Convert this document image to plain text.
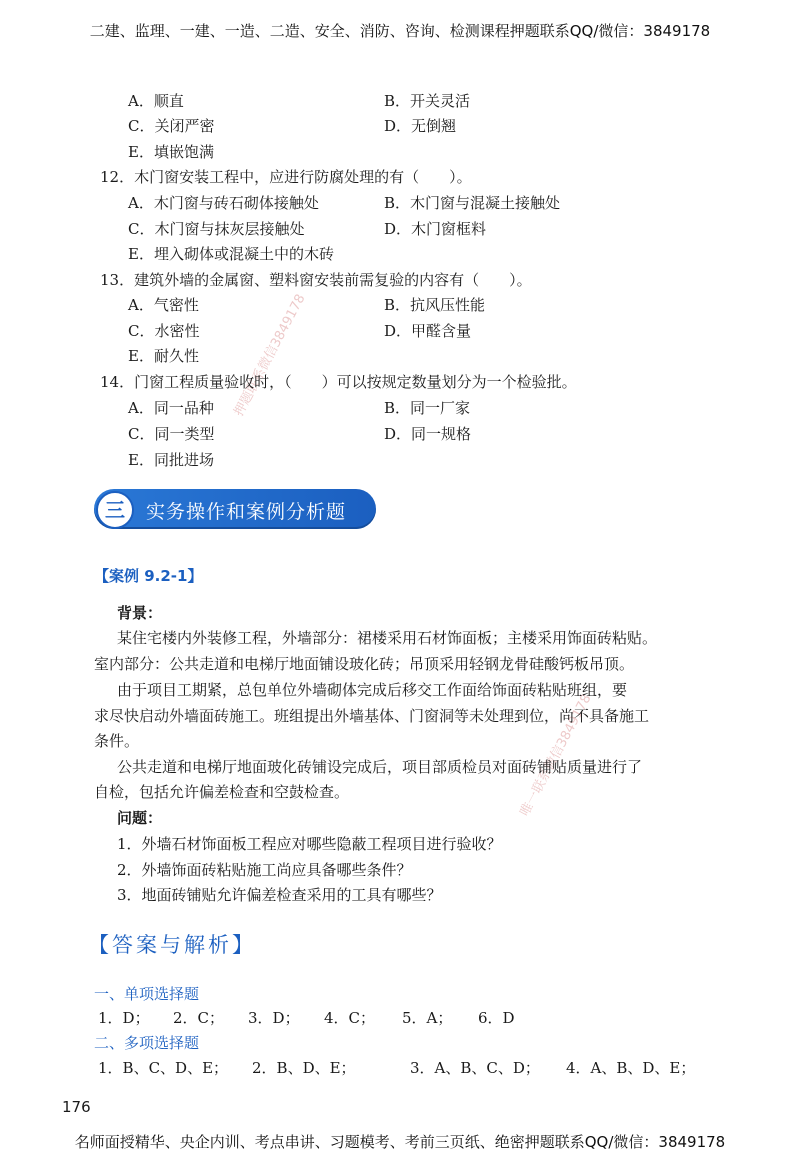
二建、监理、一建、一造、二造、安全、消防、咨询、检测课程押题联系QQ/微信：3849178
名师面授精华、央企内训、考点串讲、习题模考、考前三页纸、绝密押题联系QQ/微信：3849178
押题联系微信3849178
唯一联系微信3849178
A．顺直	B．开关灵活
C．关闭严密	D．无倒翘
E．填嵌饱满
12．木门窗安装工程中，应进行防腐处理的有（　　）。
A．木门窗与砖石砌体接触处	B．木门窗与混凝土接触处
C．木门窗与抹灰层接触处	D．木门窗框料
E．埋入砌体或混凝土中的木砖
13．建筑外墙的金属窗、塑料窗安装前需复验的内容有（　　）。
A．气密性	B．抗风压性能
C．水密性	D．甲醛含量
E．耐久性
14．门窗工程质量验收时，（　　）可以按规定数量划分为一个检验批。
A．同一品种	B．同一厂家
C．同一类型	D．同一规格
E．同批进场
三	实务操作和案例分析题
【案例 9.2-1】
背景：
某住宅楼内外装修工程，外墙部分：裙楼采用石材饰面板；主楼采用饰面砖粘贴。
室内部分：公共走道和电梯厅地面铺设玻化砖；吊顶采用轻钢龙骨硅酸钙板吊顶。
由于项目工期紧，总包单位外墙砌体完成后移交工作面给饰面砖粘贴班组，要
求尽快启动外墙面砖施工。班组提出外墙基体、门窗洞等未处理到位，尚不具备施工
条件。
公共走道和电梯厅地面玻化砖铺设完成后，项目部质检员对面砖铺贴质量进行了
自检，包括允许偏差检查和空鼓检查。
问题：
1．外墙石材饰面板工程应对哪些隐蔽工程项目进行验收？
2．外墙饰面砖粘贴施工尚应具备哪些条件？
3．地面砖铺贴允许偏差检查采用的工具有哪些？
【答案与解析】
一、单项选择题
1．D； 2．C； 3．D； 4．C； 5．A； 6．D
二、多项选择题
1．B、C、D、E； 2．B、D、E；	3．A、B、C、D； 4．A、B、D、E；
176
